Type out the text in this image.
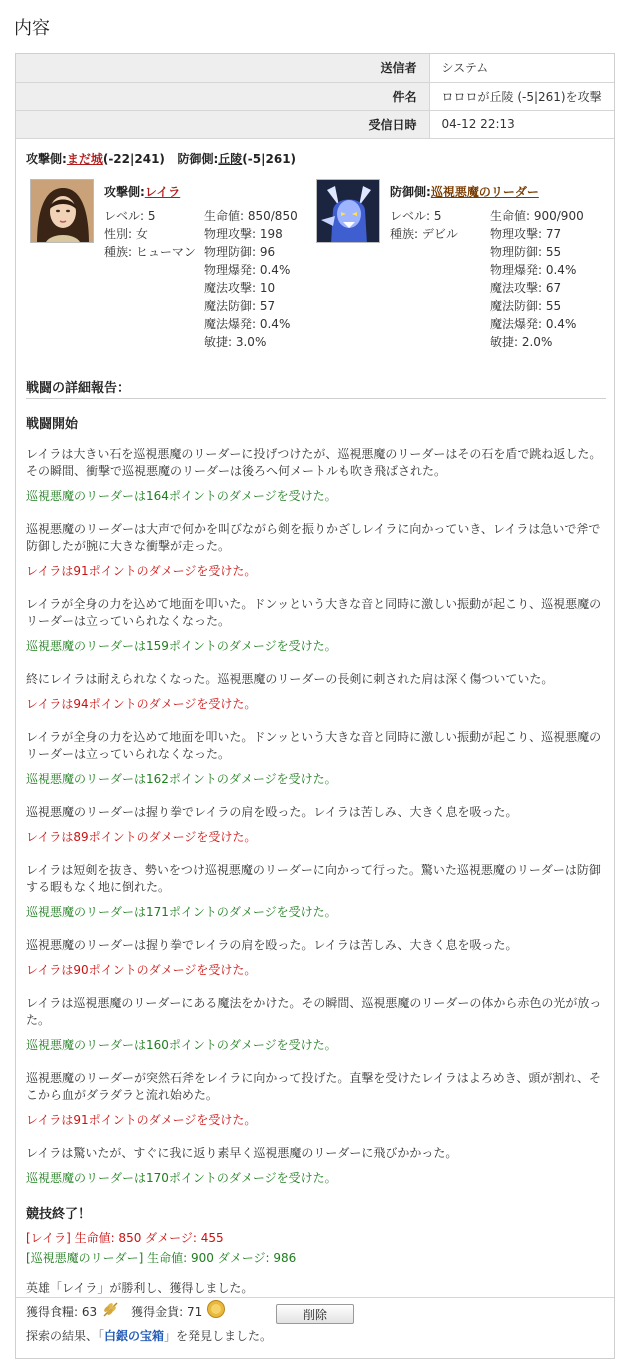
内容
送信者	システム
件名	ロロロが丘陵 (-5|261)を攻撃
受信日時	04-12 22:13
攻撃側:まだ城(-22|241) 防御側:丘陵(-5|261)
攻撃側:レイラ
レベル: 5
性別: 女
種族: ヒューマン
生命値: 850/850
物理攻撃: 198
物理防御: 96
物理爆発: 0.4%
魔法攻撃: 10
魔法防御: 57
魔法爆発: 0.4%
敏捷: 3.0%
防御側:巡視悪魔のリーダー
レベル: 5
種族: デビル
生命値: 900/900
物理攻撃: 77
物理防御: 55
物理爆発: 0.4%
魔法攻撃: 67
魔法防御: 55
魔法爆発: 0.4%
敏捷: 2.0%
戦闘の詳細報告：
戦闘開始
レイラは大きい石を巡視悪魔のリーダーに投げつけたが、巡視悪魔のリーダーはその石を盾で跳ね返した。その瞬間、衝撃で巡視悪魔のリーダーは後ろへ何メートルも吹き飛ばされた。
巡視悪魔のリーダーは164ポイントのダメージを受けた。
巡視悪魔のリーダーは大声で何かを叫びながら剣を振りかざしレイラに向かっていき、レイラは急いで斧で防御したが腕に大きな衝撃が走った。
レイラは91ポイントのダメージを受けた。
レイラが全身の力を込めて地面を叩いた。ドンッという大きな音と同時に激しい振動が起こり、巡視悪魔のリーダーは立っていられなくなった。
巡視悪魔のリーダーは159ポイントのダメージを受けた。
終にレイラは耐えられなくなった。巡視悪魔のリーダーの長剣に刺された肩は深く傷ついていた。
レイラは94ポイントのダメージを受けた。
レイラが全身の力を込めて地面を叩いた。ドンッという大きな音と同時に激しい振動が起こり、巡視悪魔のリーダーは立っていられなくなった。
巡視悪魔のリーダーは162ポイントのダメージを受けた。
巡視悪魔のリーダーは握り拳でレイラの肩を殴った。レイラは苦しみ、大きく息を吸った。
レイラは89ポイントのダメージを受けた。
レイラは短剣を抜き、勢いをつけ巡視悪魔のリーダーに向かって行った。驚いた巡視悪魔のリーダーは防御する暇もなく地に倒れた。
巡視悪魔のリーダーは171ポイントのダメージを受けた。
巡視悪魔のリーダーは握り拳でレイラの肩を殴った。レイラは苦しみ、大きく息を吸った。
レイラは90ポイントのダメージを受けた。
レイラは巡視悪魔のリーダーにある魔法をかけた。その瞬間、巡視悪魔のリーダーの体から赤色の光が放った。
巡視悪魔のリーダーは160ポイントのダメージを受けた。
巡視悪魔のリーダーが突然石斧をレイラに向かって投げた。直撃を受けたレイラはよろめき、頭が割れ、そこから血がダラダラと流れ始めた。
レイラは91ポイントのダメージを受けた。
レイラは驚いたが、すぐに我に返り素早く巡視悪魔のリーダーに飛びかかった。
巡視悪魔のリーダーは170ポイントのダメージを受けた。
競技終了！
[レイラ] 生命値: 850 ダメージ: 455
[巡視悪魔のリーダー] 生命値: 900 ダメージ: 986
英雄「レイラ」が勝利し、獲得しました。
獲得食糧: 63	獲得金貨: 71
探索の結果、「白銀の宝箱」を発見しました。
削除
